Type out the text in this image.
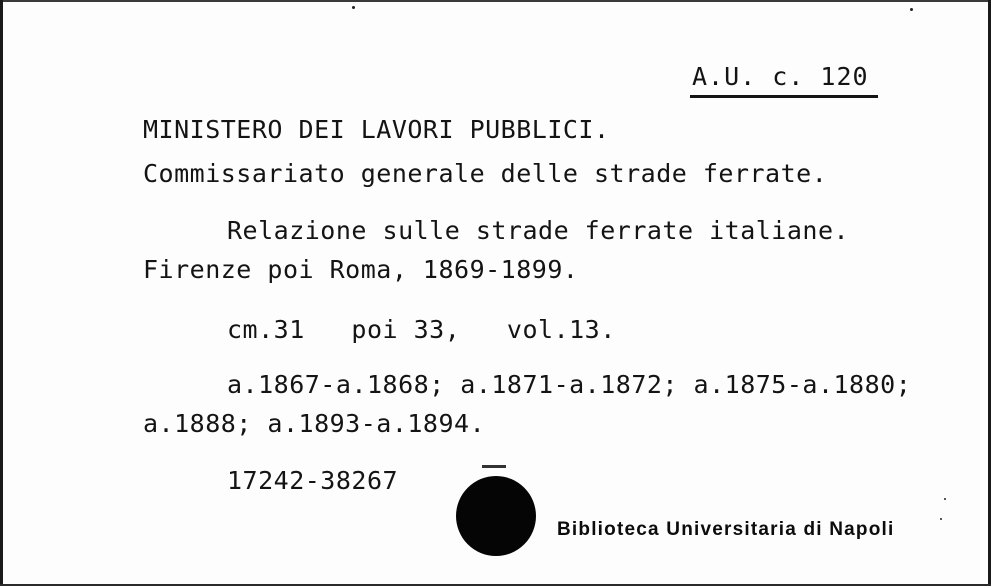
A.U. c. 120
MINISTERO DEI LAVORI PUBBLICI.
Commissariato generale delle strade ferrate.
Relazione sulle strade ferrate italiane.
Firenze poi Roma, 1869-1899.
cm.31   poi 33,   vol.13.
a.1867-a.1868; a.1871-a.1872; a.1875-a.1880;
a.1888; a.1893-a.1894.
17242-38267
Biblioteca Universitaria di Napoli
